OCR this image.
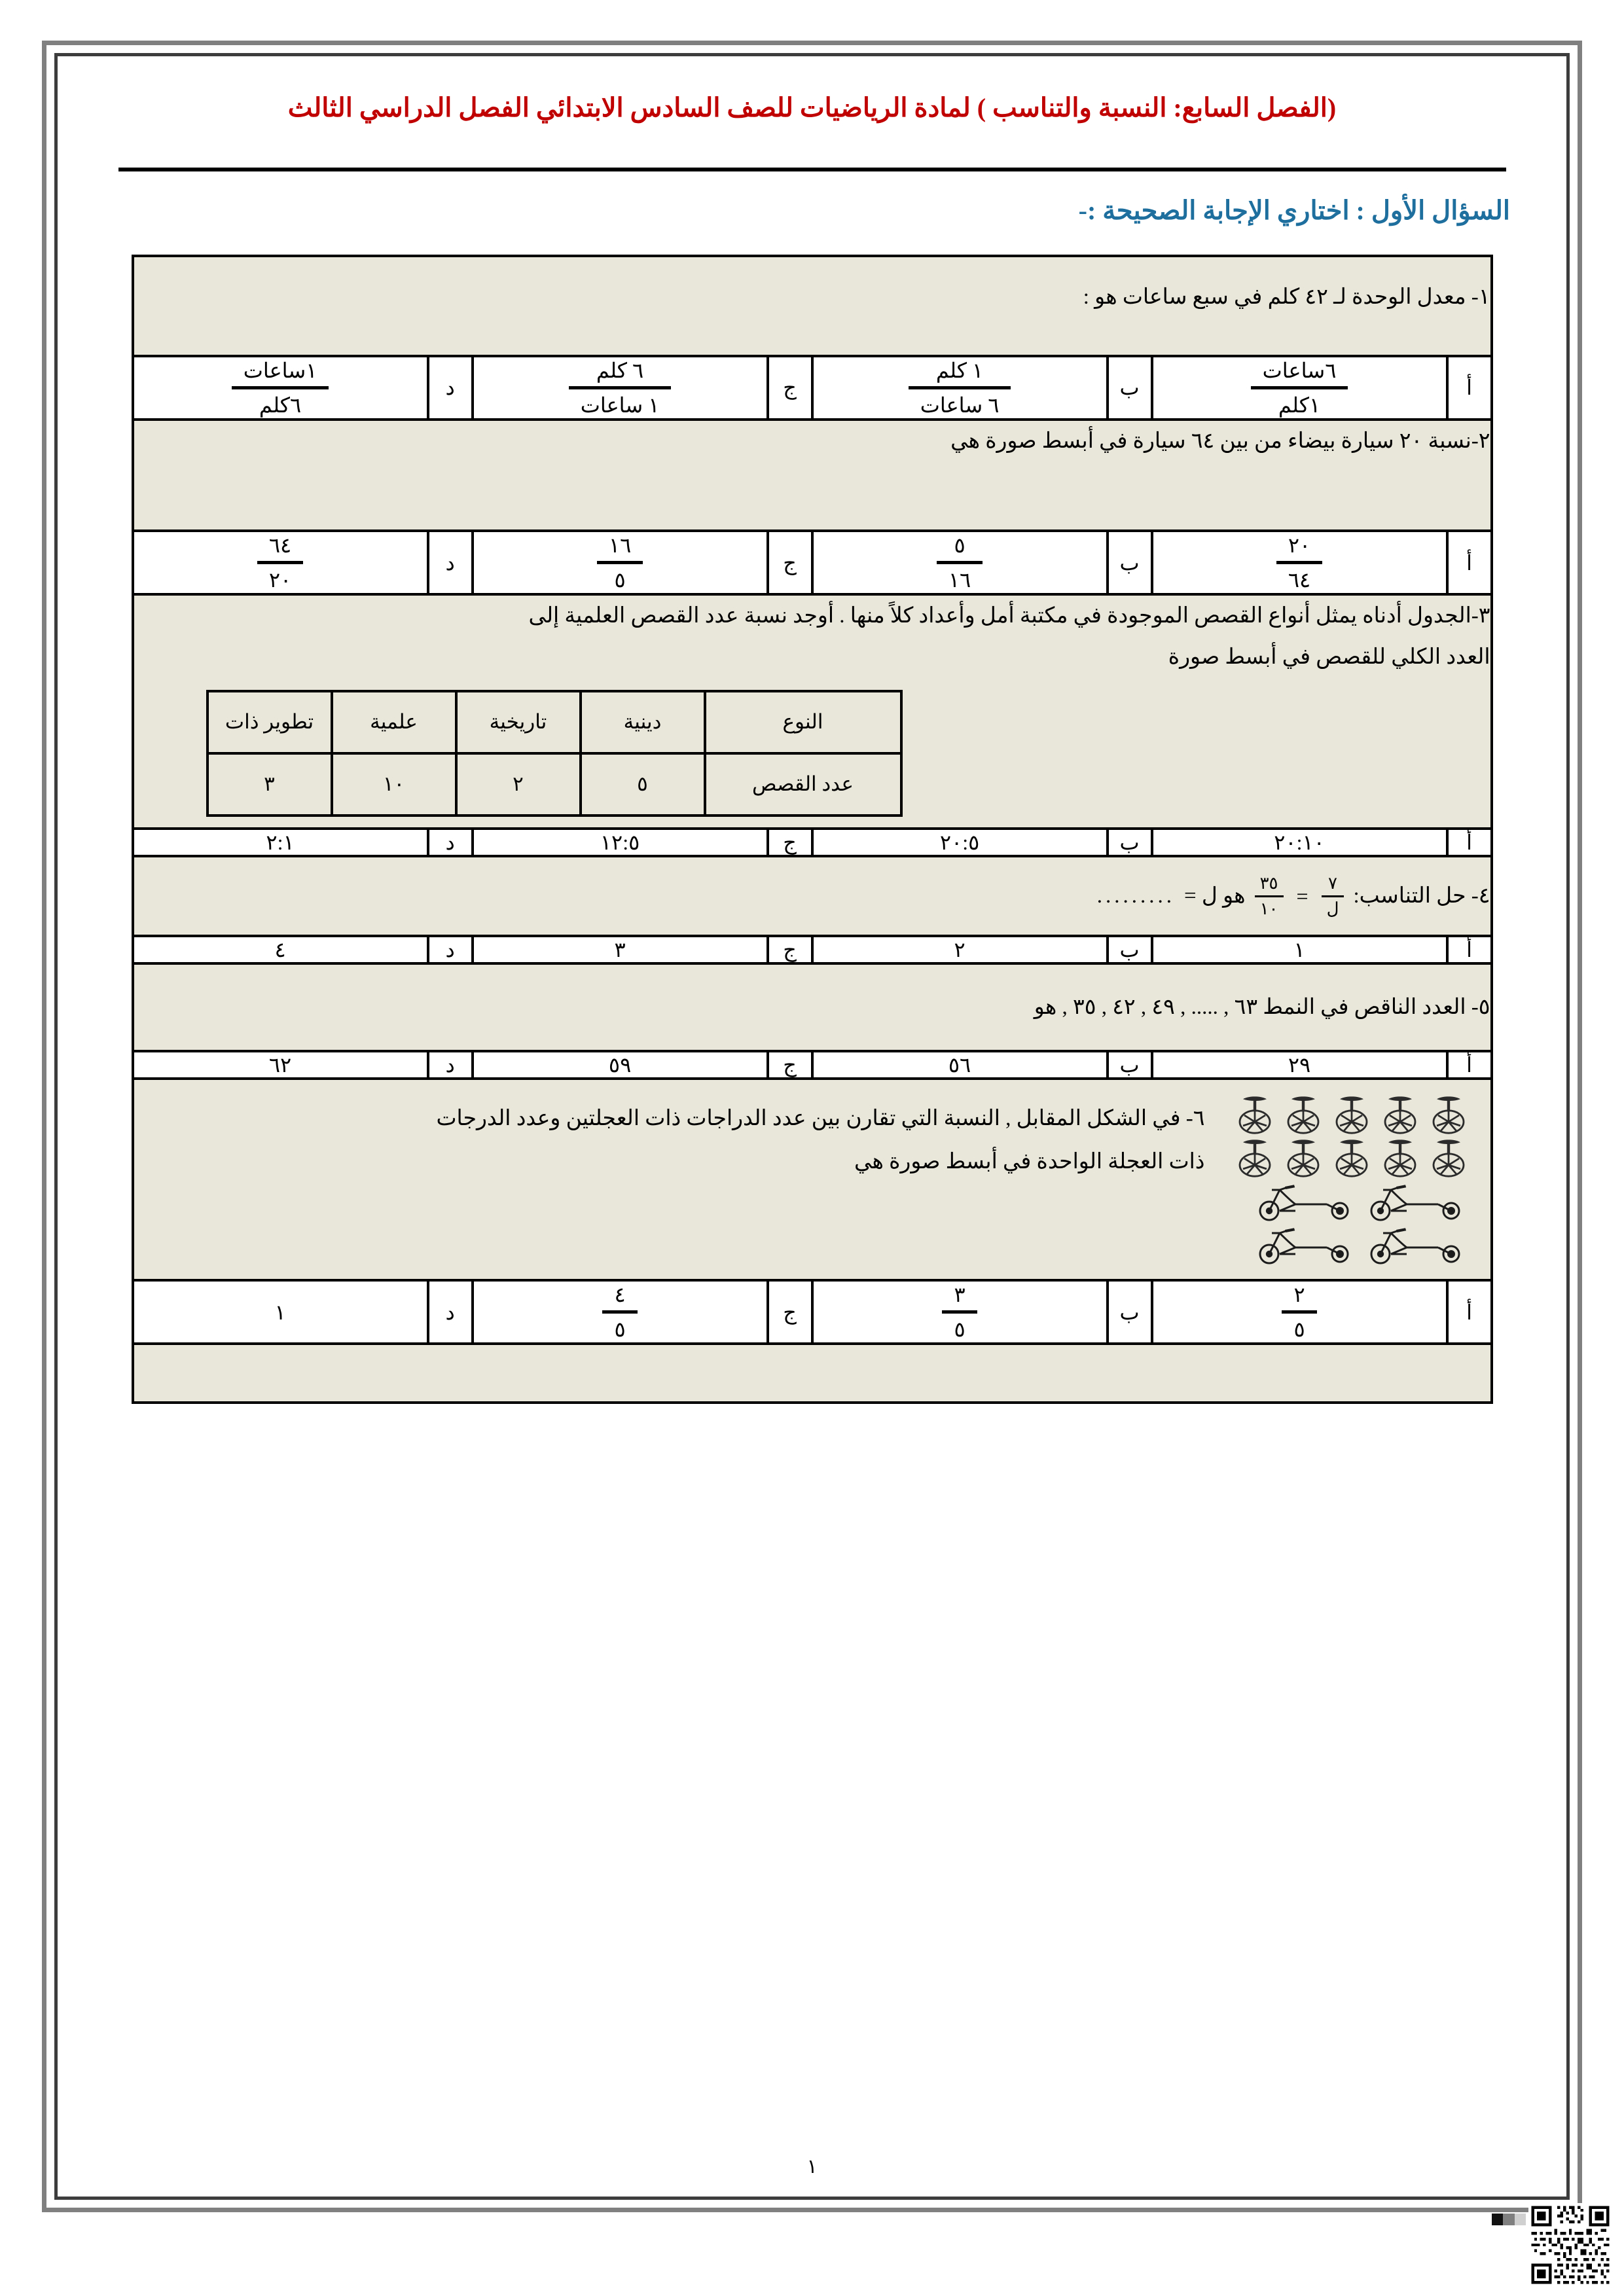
(الفصل السابع: النسبة والتناسب ) لمادة الرياضيات للصف السادس الابتدائي الفصل الدراسي الثالث
السؤال الأول : اختاري الإجابة الصحيحة :-
١- معدل الوحدة لـ ٤٢ كلم في سبع ساعات هو :
أ	
$\frac{\text{٦ساعات}}{\text{١كلم}}$
	ب	
$\frac{\text{١ كلم}}{\text{٦ ساعات}}$
	ج	
$\frac{\text{٦ كلم}}{\text{١ ساعات}}$
	د	
$\frac{\text{١ساعات}}{\text{٦كلم}}$

٢-نسبة ٢٠ سيارة بيضاء من بين ٦٤ سيارة في أبسط صورة هي
أ	
$\frac{٢٠}{٦٤}$
	ب	
$\frac{٥}{١٦}$
	ج	
$\frac{١٦}{٥}$
	د	
$\frac{٦٤}{٢٠}$

٣-الجدول أدناه يمثل أنواع القصص الموجودة في مكتبة أمل وأعداد كلاً منها . أوجد نسبة عدد القصص العلمية إلى
العدد الكلي للقصص في أبسط صورة
النوع	دينية	تاريخية	علمية	تطوير ذات
عدد القصص	٥	٢	١٠	٣

أ	٢٠:١٠	ب	٢٠:٥	ج	١٢:٥	د	٢:١

٤- حل التناسب:
$\frac{٧}{\text{ل}}$
=
$\frac{٣٥}{١٠}$
هو ل =
.........

أ	١	ب	٢	ج	٣	د	٤
٥- العدد الناقص في النمط ٦٣ , ..... , ٤٩ , ٤٢ , ٣٥ , هو
أ	٢٩	ب	٥٦	ج	٥٩	د	٦٢

٦- في الشكل المقابل , النسبة التي تقارن بين عدد الدراجات ذات العجلتين وعدد الدرجات
ذات العجلة الواحدة في أبسط صورة هي

أ	
$\frac{٢}{٥}$
	ب	
$\frac{٣}{٥}$
	ج	
$\frac{٤}{٥}$
	د	١

١
